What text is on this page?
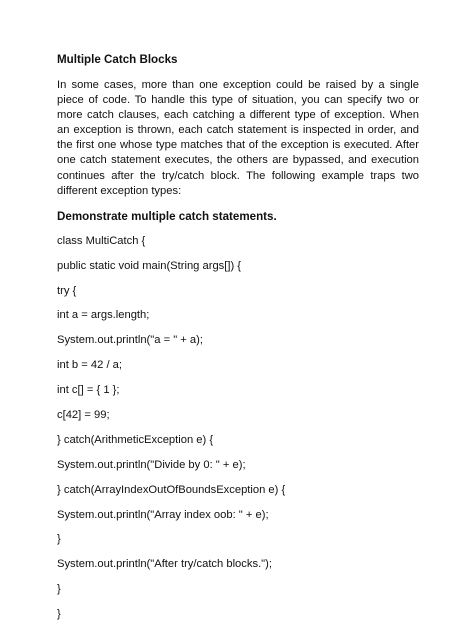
Multiple Catch Blocks

In some cases, more than one exception could be raised by a single piece of code. To handle this type of situation, you can specify two or more catch clauses, each catching a different type of exception. When an exception is thrown, each catch statement is inspected in order, and the first one whose type matches that of the exception is executed. After one catch statement executes, the others are bypassed, and execution continues after the try/catch block. The following example traps two different exception types:

Demonstrate multiple catch statements.
class MultiCatch {
public static void main(String args[]) {
try {
int a = args.length;
System.out.println("a = " + a);
int b = 42 / a;
int c[] = { 1 };
c[42] = 99;
} catch(ArithmeticException e) {
System.out.println("Divide by 0: " + e);
} catch(ArrayIndexOutOfBoundsException e) {
System.out.println("Array index oob: " + e);
}
System.out.println("After try/catch blocks.");
}
}
